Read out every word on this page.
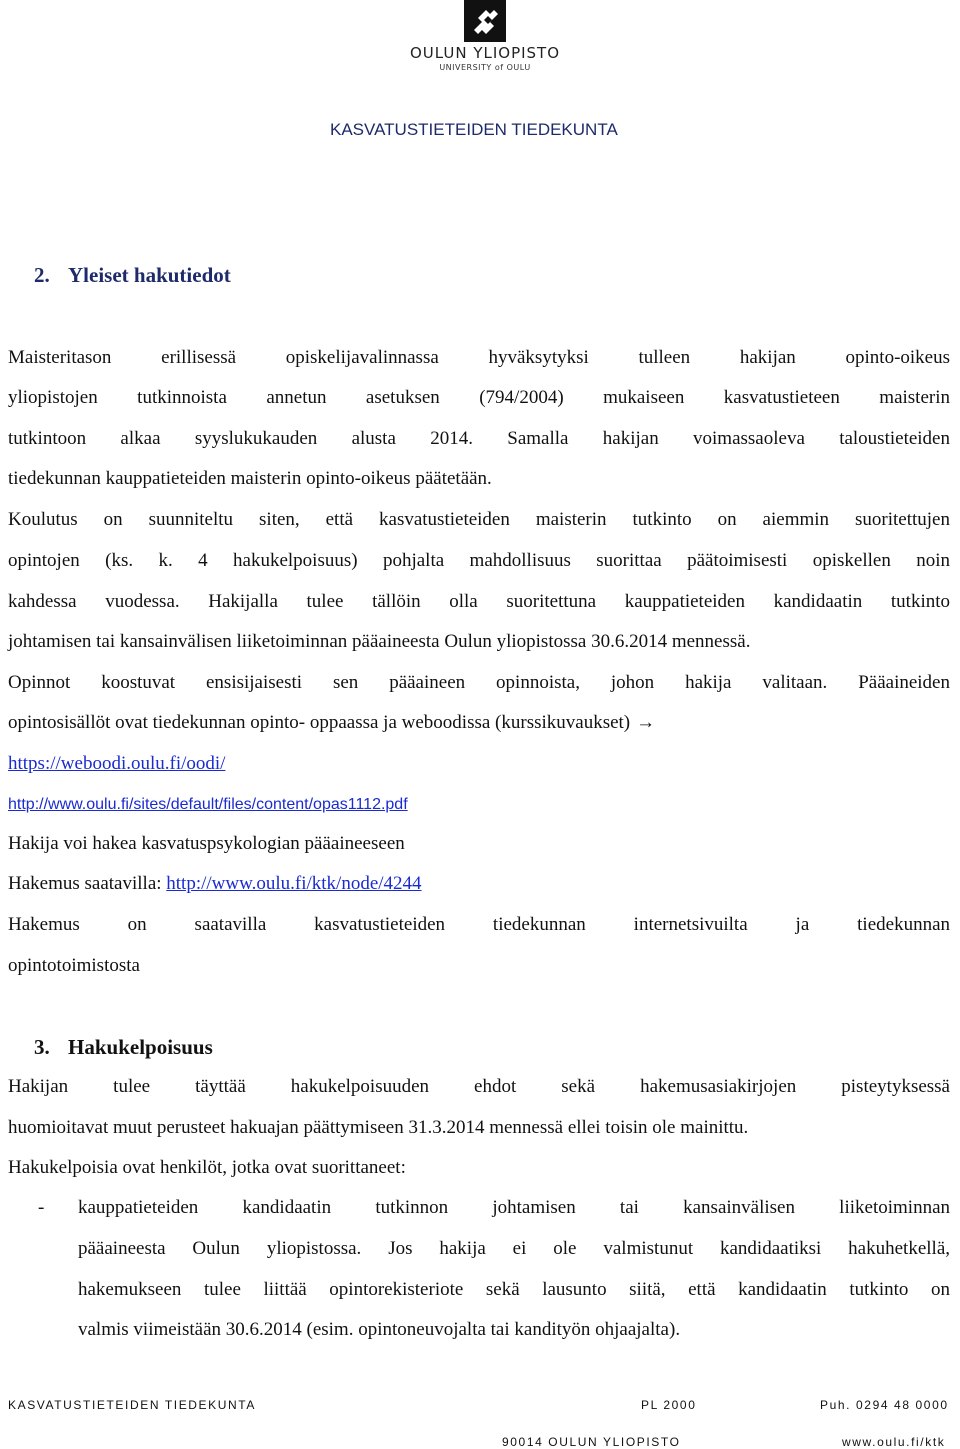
OULUN YLIOPISTO
UNIVERSITY of OULU
KASVATUSTIETEIDEN TIEDEKUNTA
2. Yleiset hakutiedot
Maisteritason erillisessä opiskelijavalinnassa hyväksytyksi tulleen hakijan opinto-oikeus
yliopistojen tutkinnoista annetun asetuksen (794/2004) mukaiseen kasvatustieteen maisterin
tutkintoon alkaa syyslukukauden alusta 2014. Samalla hakijan voimassaoleva taloustieteiden
tiedekunnan kauppatieteiden maisterin opinto-oikeus päätetään.
Koulutus on suunniteltu siten, että kasvatustieteiden maisterin tutkinto on aiemmin suoritettujen
opintojen (ks. k. 4 hakukelpoisuus) pohjalta mahdollisuus suorittaa päätoimisesti opiskellen noin
kahdessa vuodessa. Hakijalla tulee tällöin olla suoritettuna kauppatieteiden kandidaatin tutkinto
johtamisen tai kansainvälisen liiketoiminnan pääaineesta Oulun yliopistossa 30.6.2014 mennessä.
Opinnot koostuvat ensisijaisesti sen pääaineen opinnoista, johon hakija valitaan. Pääaineiden
opintosisällöt ovat tiedekunnan opinto- oppaassa ja weboodissa (kurssikuvaukset) →
https://weboodi.oulu.fi/oodi/
http://www.oulu.fi/sites/default/files/content/opas1112.pdf
Hakija voi hakea kasvatuspsykologian pääaineeseen
Hakemus saatavilla: http://www.oulu.fi/ktk/node/4244
Hakemus on saatavilla kasvatustieteiden tiedekunnan internetsivuilta ja tiedekunnan
opintotoimistosta
3. Hakukelpoisuus
Hakijan tulee täyttää hakukelpoisuuden ehdot sekä hakemusasiakirjojen pisteytyksessä
huomioitavat muut perusteet hakuajan päättymiseen 31.3.2014 mennessä ellei toisin ole mainittu.
Hakukelpoisia ovat henkilöt, jotka ovat suorittaneet:
- kauppatieteiden kandidaatin tutkinnon johtamisen tai kansainvälisen liiketoiminnan
pääaineesta Oulun yliopistossa. Jos hakija ei ole valmistunut kandidaatiksi hakuhetkellä,
hakemukseen tulee liittää opintorekisteriote sekä lausunto siitä, että kandidaatin tutkinto on
valmis viimeistään 30.6.2014 (esim. opintoneuvojalta tai kandityön ohjaajalta).
KASVATUSTIETEIDEN TIEDEKUNTA	PL 2000	Puh. 0294 48 0000
90014 OULUN YLIOPISTO	www.oulu.fi/ktk
